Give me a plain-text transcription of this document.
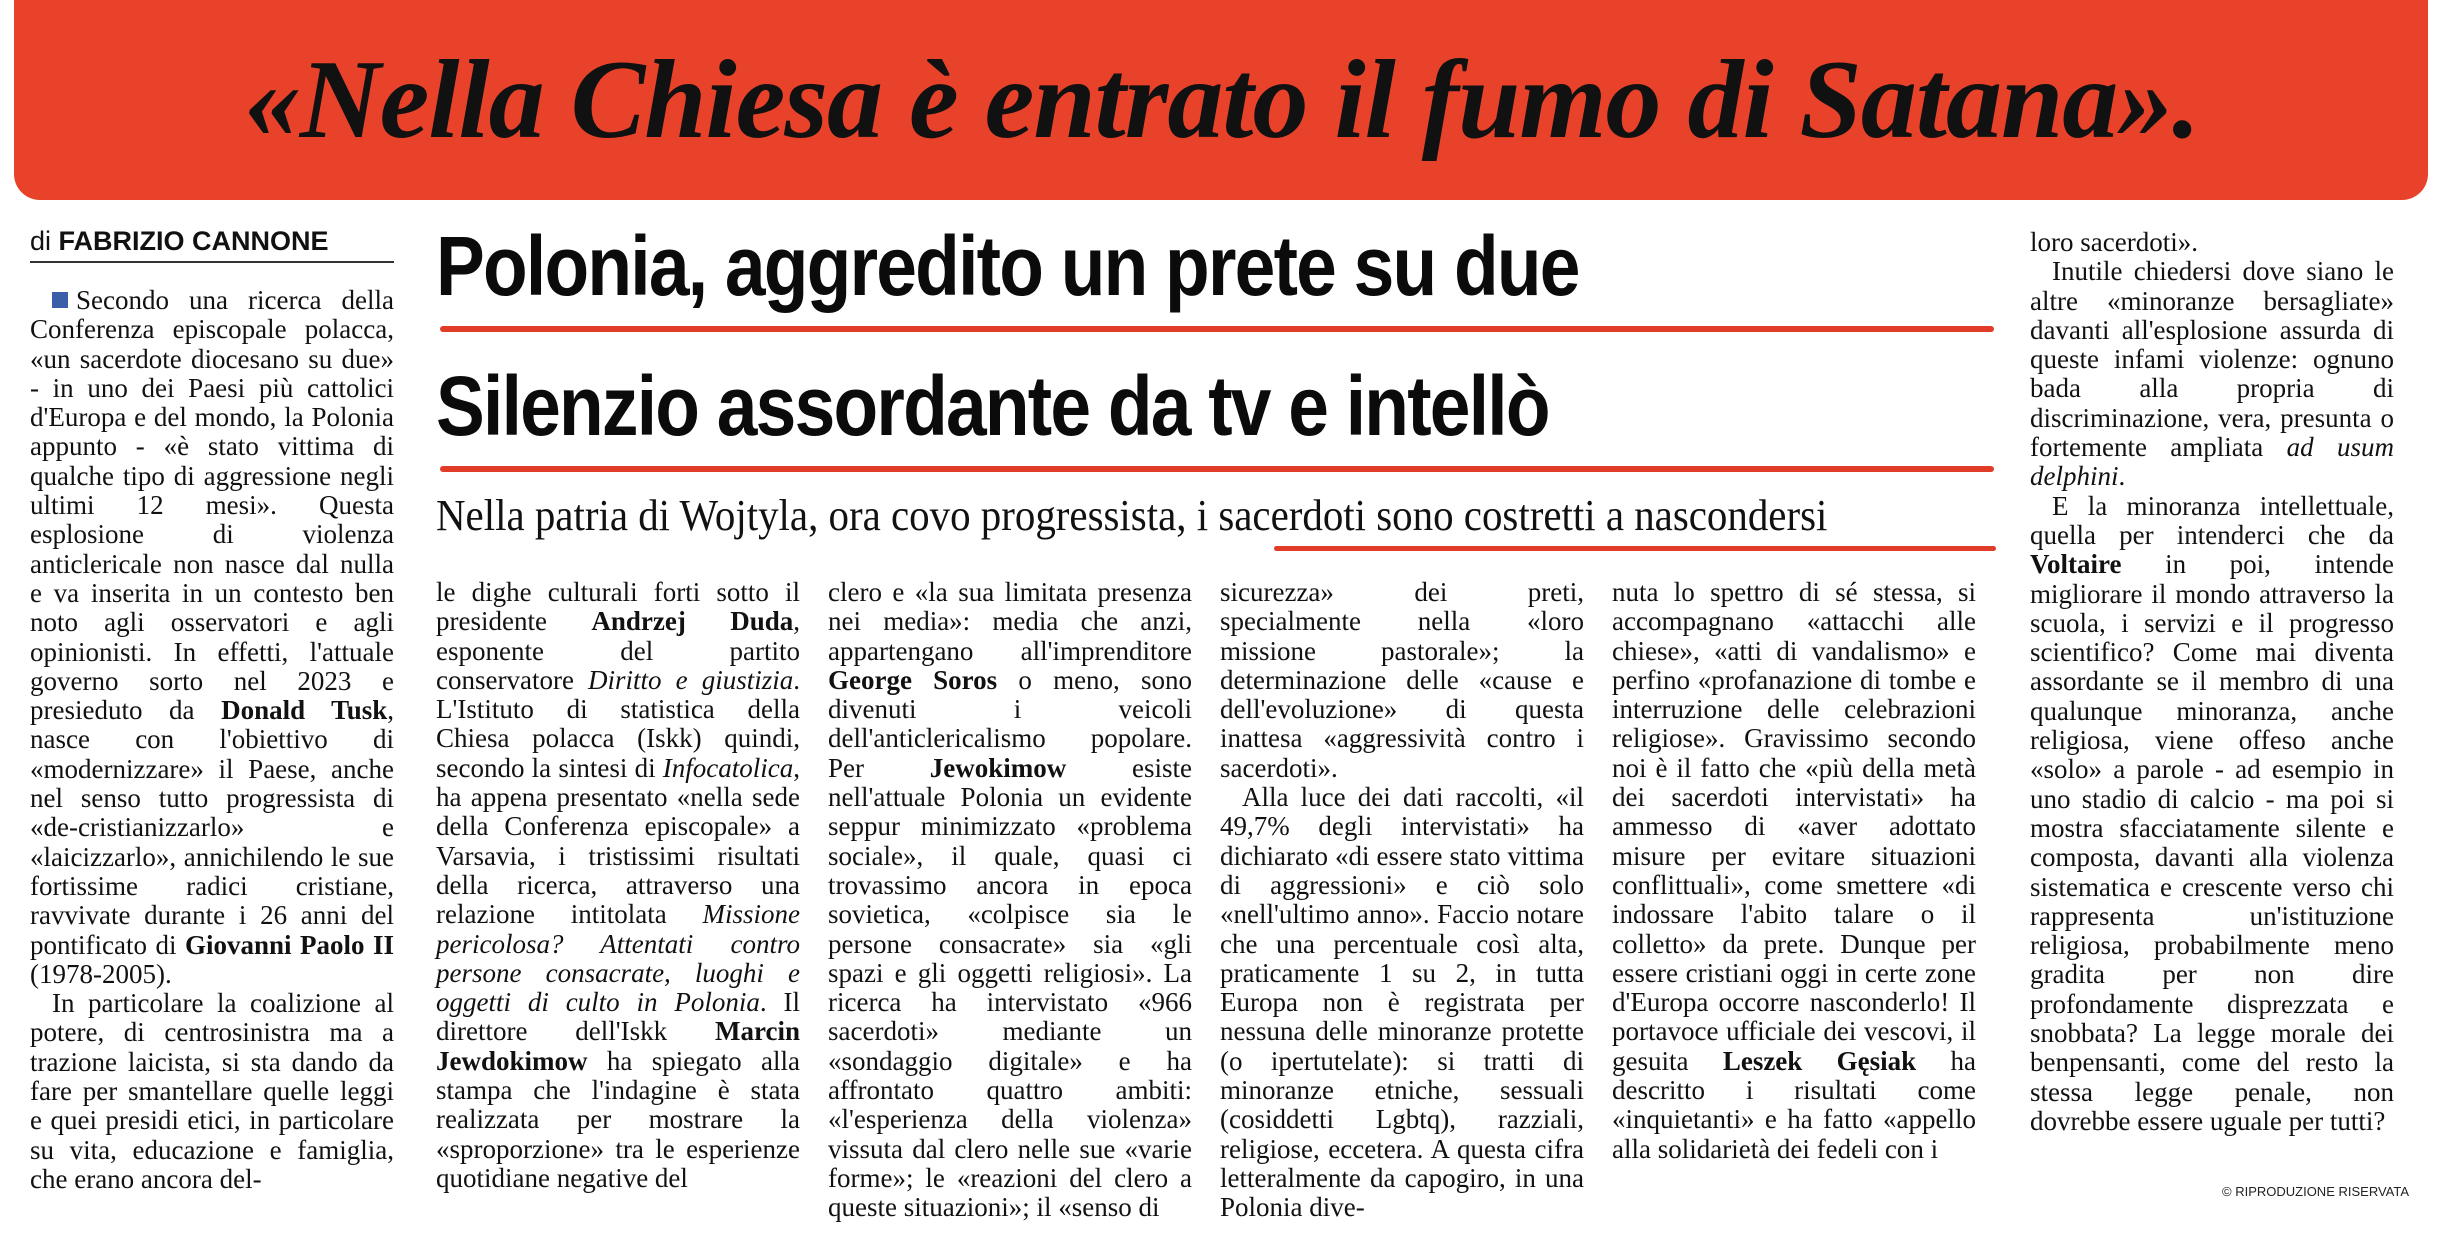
«Nella Chiesa è entrato il fumo di Satana».
di FABRIZIO CANNONE	Polonia, aggredito un prete su due
Silenzio assordante da tv e intellò
Nella patria di Wojtyla, ora covo progressista, i sacerdoti sono costretti a nascondersi

Secondo una ricerca della Conferenza episcopale polacca, «un sacerdote diocesano su due» - in uno dei Paesi più cattolici d'Europa e del mondo, la Polonia appunto - «è stato vittima di qualche tipo di aggressione negli ultimi 12 mesi». Questa esplosione di violenza anticlericale non nasce dal nulla e va inserita in un contesto ben noto agli osservatori e agli opinionisti. In effetti, l'attuale governo sorto nel 2023 e presieduto da Donald Tusk, nasce con l'obiettivo di «modernizzare» il Paese, anche nel senso tutto progressista di «de-cristianizzarlo» e «laicizzarlo», annichilendo le sue fortissime radici cristiane, ravvivate durante i 26 anni del pontificato di Giovanni Paolo II (1978-2005).

In particolare la coalizione al potere, di centrosinistra ma a trazione laicista, si sta dando da fare per smantellare quelle leggi e quei presidi etici, in particolare su vita, educazione e famiglia, che erano ancora del-

le dighe culturali forti sotto il presidente Andrzej Duda, esponente del partito conservatore Diritto e giustizia. L'Istituto di statistica della Chiesa polacca (Iskk) quindi, secondo la sintesi di Infocatolica, ha appena presentato «nella sede della Conferenza episcopale» a Varsavia, i tristissimi risultati della ricerca, attraverso una relazione intitolata Missione pericolosa? Attentati contro persone consacrate, luoghi e oggetti di culto in Polonia. Il direttore dell'Iskk Marcin Jewdokimow ha spiegato alla stampa che l'indagine è stata realizzata per mostrare la «sproporzione» tra le esperienze quotidiane negative del

clero e «la sua limitata presenza nei media»: media che anzi, appartengano all'imprenditore George Soros o meno, sono divenuti i veicoli dell'anticlericalismo popolare. Per Jewokimow esiste nell'attuale Polonia un evidente seppur minimizzato «problema sociale», il quale, quasi ci trovassimo ancora in epoca sovietica, «colpisce sia le persone consacrate» sia «gli spazi e gli oggetti religiosi». La ricerca ha intervistato «966 sacerdoti» mediante un «sondaggio digitale» e ha affrontato quattro ambiti: «l'esperienza della violenza» vissuta dal clero nelle sue «varie forme»; le «reazioni del clero a queste situazioni»; il «senso di

sicurezza» dei preti, specialmente nella «loro missione pastorale»; la determinazione delle «cause e dell'evoluzione» di questa inattesa «aggressività contro i sacerdoti».

Alla luce dei dati raccolti, «il 49,7% degli intervistati» ha dichiarato «di essere stato vittima di aggressioni» e ciò solo «nell'ultimo anno». Faccio notare che una percentuale così alta, praticamente 1 su 2, in tutta Europa non è registrata per nessuna delle minoranze protette (o ipertutelate): si tratti di minoranze etniche, sessuali (cosiddetti Lgbtq), razziali, religiose, eccetera. A questa cifra letteralmente da capogiro, in una Polonia dive-

nuta lo spettro di sé stessa, si accompagnano «attacchi alle chiese», «atti di vandalismo» e perfino «profanazione di tombe e interruzione delle celebrazioni religiose». Gravissimo secondo noi è il fatto che «più della metà dei sacerdoti intervistati» ha ammesso di «aver adottato misure per evitare situazioni conflittuali», come smettere «di indossare l'abito talare o il colletto» da prete. Dunque per essere cristiani oggi in certe zone d'Europa occorre nasconderlo! Il portavoce ufficiale dei vescovi, il gesuita Leszek Gęsiak ha descritto i risultati come «inquietanti» e ha fatto «appello alla solidarietà dei fedeli con i

loro sacerdoti».

Inutile chiedersi dove siano le altre «minoranze bersagliate» davanti all'esplosione assurda di queste infami violenze: ognuno bada alla propria di discriminazione, vera, presunta o fortemente ampliata ad usum delphini.

E la minoranza intellettuale, quella per intenderci che da Voltaire in poi, intende migliorare il mondo attraverso la scuola, i servizi e il progresso scientifico? Come mai diventa assordante se il membro di una qualunque minoranza, anche religiosa, viene offeso anche «solo» a parole - ad esempio in uno stadio di calcio - ma poi si mostra sfacciatamente silente e composta, davanti alla violenza sistematica e crescente verso chi rappresenta un'istituzione religiosa, probabilmente meno gradita per non dire profondamente disprezzata e snobbata? La legge morale dei benpensanti, come del resto la stessa legge penale, non dovrebbe essere uguale per tutti?

© RIPRODUZIONE RISERVATA
